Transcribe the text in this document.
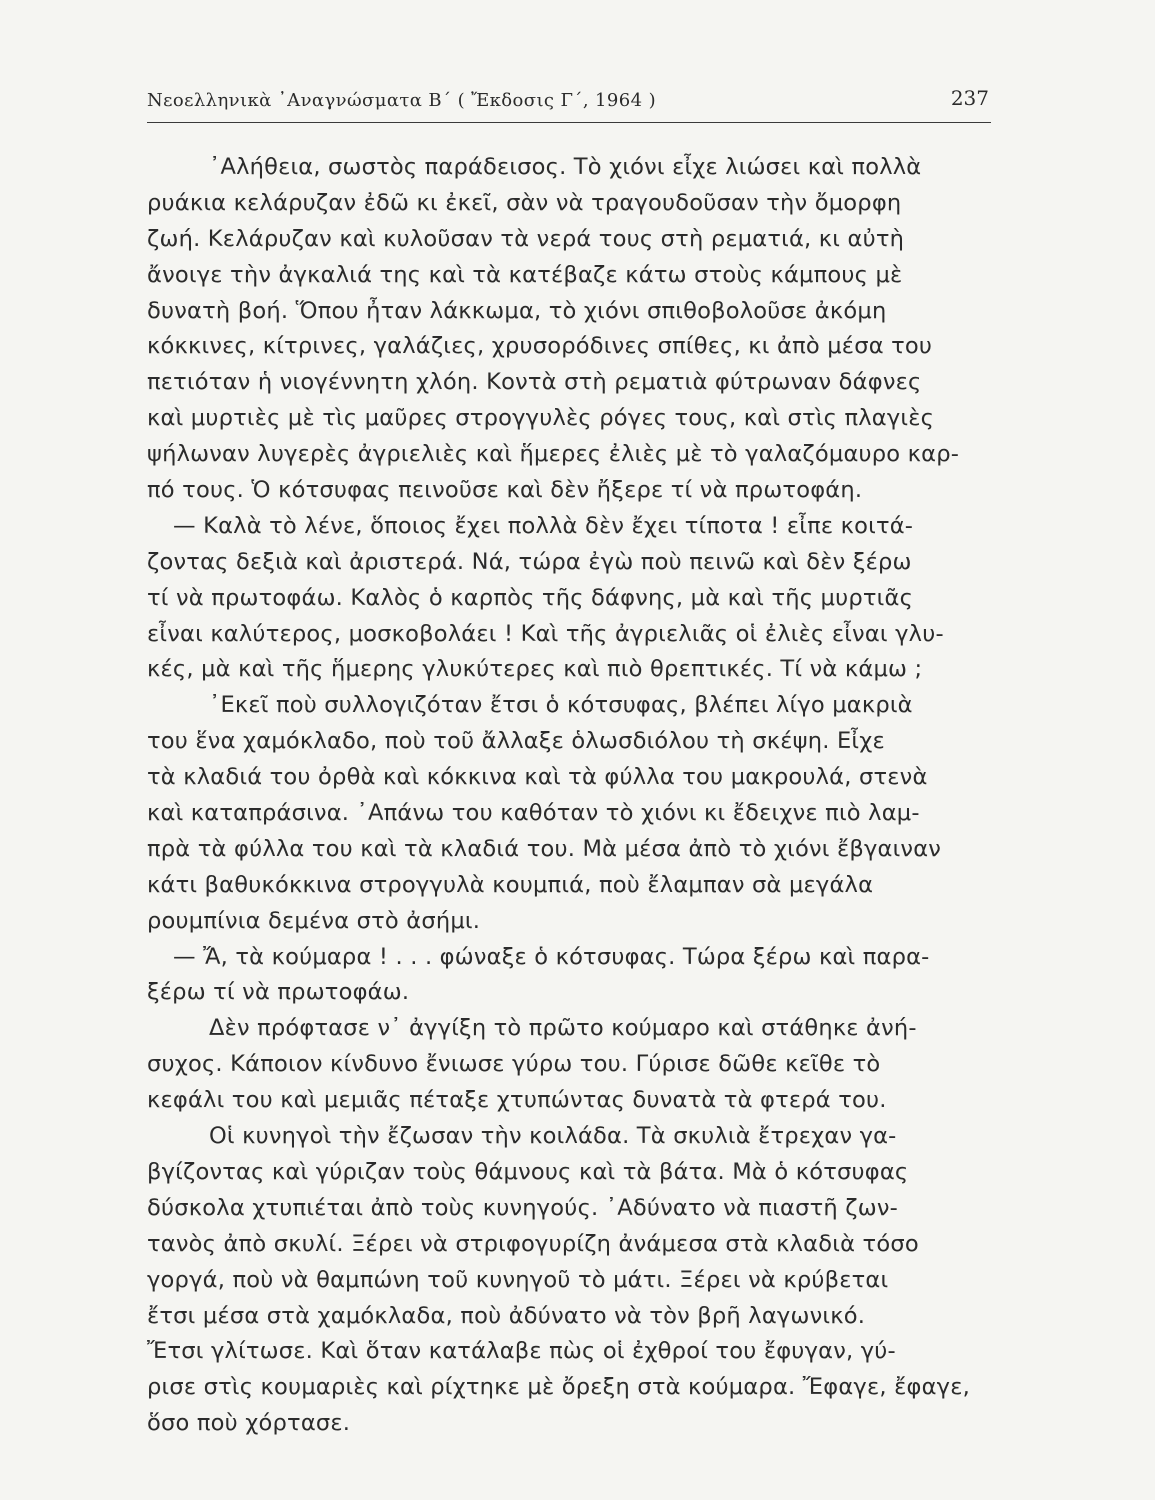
Νεοελληνικὰ ᾿Αναγνώσματα Β΄ ( Ἔκδοσις Γ΄, 1964 )	237
᾿Αλήθεια, σωστὸς παράδεισος. Τὸ χιόνι εἶχε λιώσει καὶ πολλὰ
ρυάκια κελάρυζαν ἐδῶ κι ἐκεῖ, σὰν νὰ τραγουδοῦσαν τὴν ὄμορφη
ζωή. Κελάρυζαν καὶ κυλοῦσαν τὰ νερά τους στὴ ρεματιά, κι αὐτὴ
ἄνοιγε τὴν ἀγκαλιά της καὶ τὰ κατέβαζε κάτω στοὺς κάμπους μὲ
δυνατὴ βοή. Ὅπου ἦταν λάκκωμα, τὸ χιόνι σπιθοβολοῦσε ἀκόμη
κόκκινες, κίτρινες, γαλάζιες, χρυσορόδινες σπίθες, κι ἀπὸ μέσα του
πετιόταν ἡ νιογέννητη χλόη. Κοντὰ στὴ ρεματιὰ φύτρωναν δάφνες
καὶ μυρτιὲς μὲ τὶς μαῦρες στρογγυλὲς ρόγες τους, καὶ στὶς πλαγιὲς
ψήλωναν λυγερὲς ἀγριελιὲς καὶ ἥμερες ἐλιὲς μὲ τὸ γαλαζόμαυρο καρ-
πό τους. Ὁ κότσυφας πεινοῦσε καὶ δὲν ἤξερε τί νὰ πρωτοφάη.
— Καλὰ τὸ λένε, ὅποιος ἔχει πολλὰ δὲν ἔχει τίποτα ! εἶπε κοιτά-
ζοντας δεξιὰ καὶ ἀριστερά. Νά, τώρα ἐγὼ ποὺ πεινῶ καὶ δὲν ξέρω
τί νὰ πρωτοφάω. Καλὸς ὁ καρπὸς τῆς δάφνης, μὰ καὶ τῆς μυρτιᾶς
εἶναι καλύτερος, μοσκοβολάει ! Καὶ τῆς ἀγριελιᾶς οἱ ἐλιὲς εἶναι γλυ-
κές, μὰ καὶ τῆς ἥμερης γλυκύτερες καὶ πιὸ θρεπτικές. Τί νὰ κάμω ;
᾿Εκεῖ ποὺ συλλογιζόταν ἔτσι ὁ κότσυφας, βλέπει λίγο μακριὰ
του ἕνα χαμόκλαδο, ποὺ τοῦ ἄλλαξε ὁλωσδιόλου τὴ σκέψη. Εἶχε
τὰ κλαδιά του ὀρθὰ καὶ κόκκινα καὶ τὰ φύλλα του μακρουλά, στενὰ
καὶ καταπράσινα. ᾿Απάνω του καθόταν τὸ χιόνι κι ἔδειχνε πιὸ λαμ-
πρὰ τὰ φύλλα του καὶ τὰ κλαδιά του. Μὰ μέσα ἀπὸ τὸ χιόνι ἔβγαιναν
κάτι βαθυκόκκινα στρογγυλὰ κουμπιά, ποὺ ἔλαμπαν σὰ μεγάλα
ρουμπίνια δεμένα στὸ ἀσήμι.
— Ἄ, τὰ κούμαρα ! . . . φώναξε ὁ κότσυφας. Τώρα ξέρω καὶ παρα-
ξέρω τί νὰ πρωτοφάω.
Δὲν πρόφτασε ν᾿ ἀγγίξη τὸ πρῶτο κούμαρο καὶ στάθηκε ἀνή-
συχος. Κάποιον κίνδυνο ἔνιωσε γύρω του. Γύρισε δῶθε κεῖθε τὸ
κεφάλι του καὶ μεμιᾶς πέταξε χτυπώντας δυνατὰ τὰ φτερά του.
Οἱ κυνηγοὶ τὴν ἔζωσαν τὴν κοιλάδα. Τὰ σκυλιὰ ἔτρεχαν γα-
βγίζοντας καὶ γύριζαν τοὺς θάμνους καὶ τὰ βάτα. Μὰ ὁ κότσυφας
δύσκολα χτυπιέται ἀπὸ τοὺς κυνηγούς. ᾿Αδύνατο νὰ πιαστῆ ζων-
τανὸς ἀπὸ σκυλί. Ξέρει νὰ στριφογυρίζη ἀνάμεσα στὰ κλαδιὰ τόσο
γοργά, ποὺ νὰ θαμπώνη τοῦ κυνηγοῦ τὸ μάτι. Ξέρει νὰ κρύβεται
ἔτσι μέσα στὰ χαμόκλαδα, ποὺ ἀδύνατο νὰ τὸν βρῆ λαγωνικό.
Ἔτσι γλίτωσε. Καὶ ὅταν κατάλαβε πὼς οἱ ἐχθροί του ἔφυγαν, γύ-
ρισε στὶς κουμαριὲς καὶ ρίχτηκε μὲ ὄρεξη στὰ κούμαρα. Ἔφαγε, ἔφαγε,
ὅσο ποὺ χόρτασε.
